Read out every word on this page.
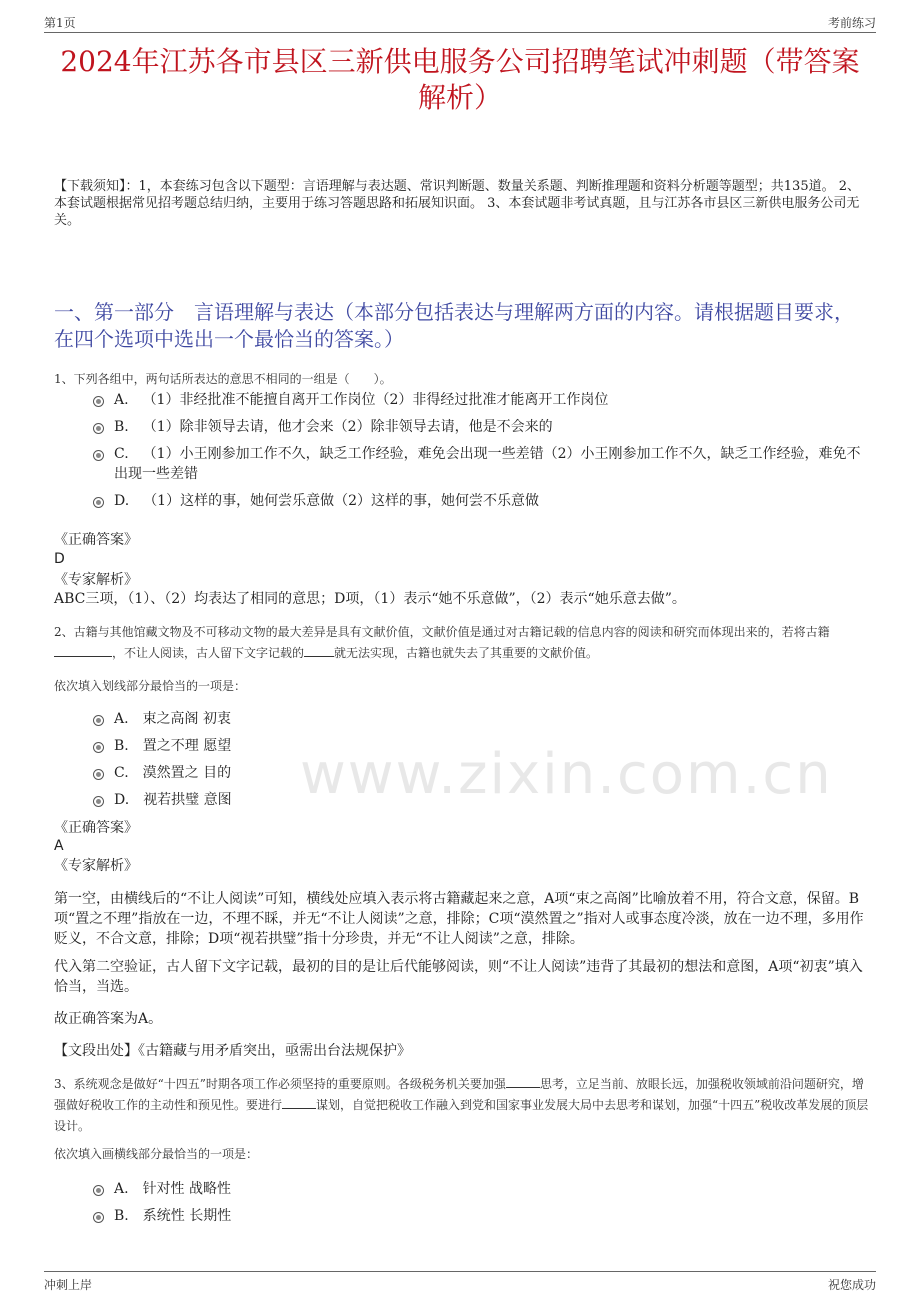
第1页	考前练习
2024年江苏各市县区三新供电服务公司招聘笔试冲刺题（带答案解析）
【下载须知】：1，本套练习包含以下题型：言语理解与表达题、常识判断题、数量关系题、判断推理题和资料分析题等题型；共135道。 2、本套试题根据常见招考题总结归纳，主要用于练习答题思路和拓展知识面。 3、本套试题非考试真题，且与江苏各市县区三新供电服务公司无关。
一、第一部分 言语理解与表达（本部分包括表达与理解两方面的内容。请根据题目要求，在四个选项中选出一个最恰当的答案。）
1、下列各组中，两句话所表达的意思不相同的一组是（　　）。
A. （1）非经批准不能擅自离开工作岗位（2）非得经过批准才能离开工作岗位
B. （1）除非领导去请，他才会来（2）除非领导去请，他是不会来的
C. （1）小王刚参加工作不久，缺乏工作经验，难免会出现一些差错（2）小王刚参加工作不久，缺乏工作经验，难免不出现一些差错
D. （1）这样的事，她何尝乐意做（2）这样的事，她何尝不乐意做
《正确答案》
D
《专家解析》
ABC三项，（1）、（2）均表达了相同的意思；D项，（1）表示“她不乐意做”，（2）表示“她乐意去做”。
2、古籍与其他馆藏文物及不可移动文物的最大差异是具有文献价值，文献价值是通过对古籍记载的信息内容的阅读和研究而体现出来的，若将古籍，不让人阅读，古人留下文字记载的	就无法实现，古籍也就失去了其重要的文献价值。
依次填入划线部分最恰当的一项是：
A. 束之高阁 初衷
B. 置之不理 愿望
C. 漠然置之 目的
D. 视若拱璧 意图
《正确答案》
A
《专家解析》
第一空，由横线后的“不让人阅读”可知，横线处应填入表示将古籍藏起来之意，A项“束之高阁”比喻放着不用，符合文意，保留。B项“置之不理”指放在一边，不理不睬，并无“不让人阅读”之意，排除；C项“漠然置之”指对人或事态度冷淡，放在一边不理，多用作贬义，不合文意，排除；D项“视若拱璧”指十分珍贵，并无“不让人阅读”之意，排除。
代入第二空验证，古人留下文字记载，最初的目的是让后代能够阅读，则“不让人阅读”违背了其最初的想法和意图，A项“初衷”填入恰当，当选。
故正确答案为A。
【文段出处】《古籍藏与用矛盾突出，亟需出台法规保护》
3、系统观念是做好“十四五”时期各项工作必须坚持的重要原则。各级税务机关要加强	思考，立足当前、放眼长远，加强税收领域前沿问题研究，增强做好税收工作的主动性和预见性。要进行	谋划，自觉把税收工作融入到党和国家事业发展大局中去思考和谋划，加强“十四五”税收改革发展的顶层设计。
依次填入画横线部分最恰当的一项是：
A. 针对性 战略性
B. 系统性 长期性
www.zixin.com.cn
冲刺上岸	祝您成功
